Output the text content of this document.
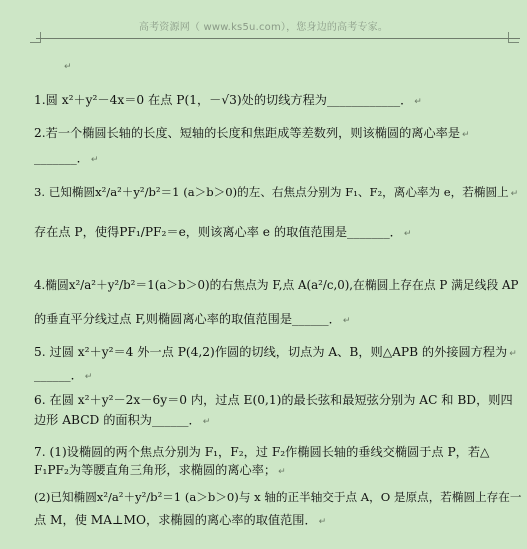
高考资源网（ www.ks5u.com），您身边的高考专家。
↵
1.圆 x²＋y²－4x＝0 在点 P(1，－√3)处的切线方程为____________． ↵
2.若一个椭圆长轴的长度、短轴的长度和焦距成等差数列，则该椭圆的离心率是 ↵
_______． ↵
3. 已知椭圆x²/a²＋y²/b²＝1 (a＞b＞0)的左、右焦点分别为 F₁、F₂，离心率为 e，若椭圆上 ↵
存在点 P，使得PF₁/PF₂＝e，则该离心率 e 的取值范围是_______． ↵
4.椭圆x²/a²＋y²/b²＝1(a＞b＞0)的右焦点为 F,点 A(a²/c,0),在椭圆上存在点 P 满足线段 AP
的垂直平分线过点 F,则椭圆离心率的取值范围是______． ↵
5. 过圆 x²＋y²＝4 外一点 P(4,2)作圆的切线，切点为 A、B，则△APB 的外接圆方程为 ↵
______． ↵
6. 在圆 x²＋y²－2x－6y＝0 内，过点 E(0,1)的最长弦和最短弦分别为 AC 和 BD，则四
边形 ABCD 的面积为______． ↵
7. (1)设椭圆的两个焦点分别为 F₁，F₂，过 F₂作椭圆长轴的垂线交椭圆于点 P，若△
F₁PF₂为等腰直角三角形，求椭圆的离心率； ↵
(2)已知椭圆x²/a²＋y²/b²＝1 (a＞b＞0)与 x 轴的正半轴交于点 A，O 是原点，若椭圆上存在一
点 M，使 MA⊥MO，求椭圆的离心率的取值范围． ↵
